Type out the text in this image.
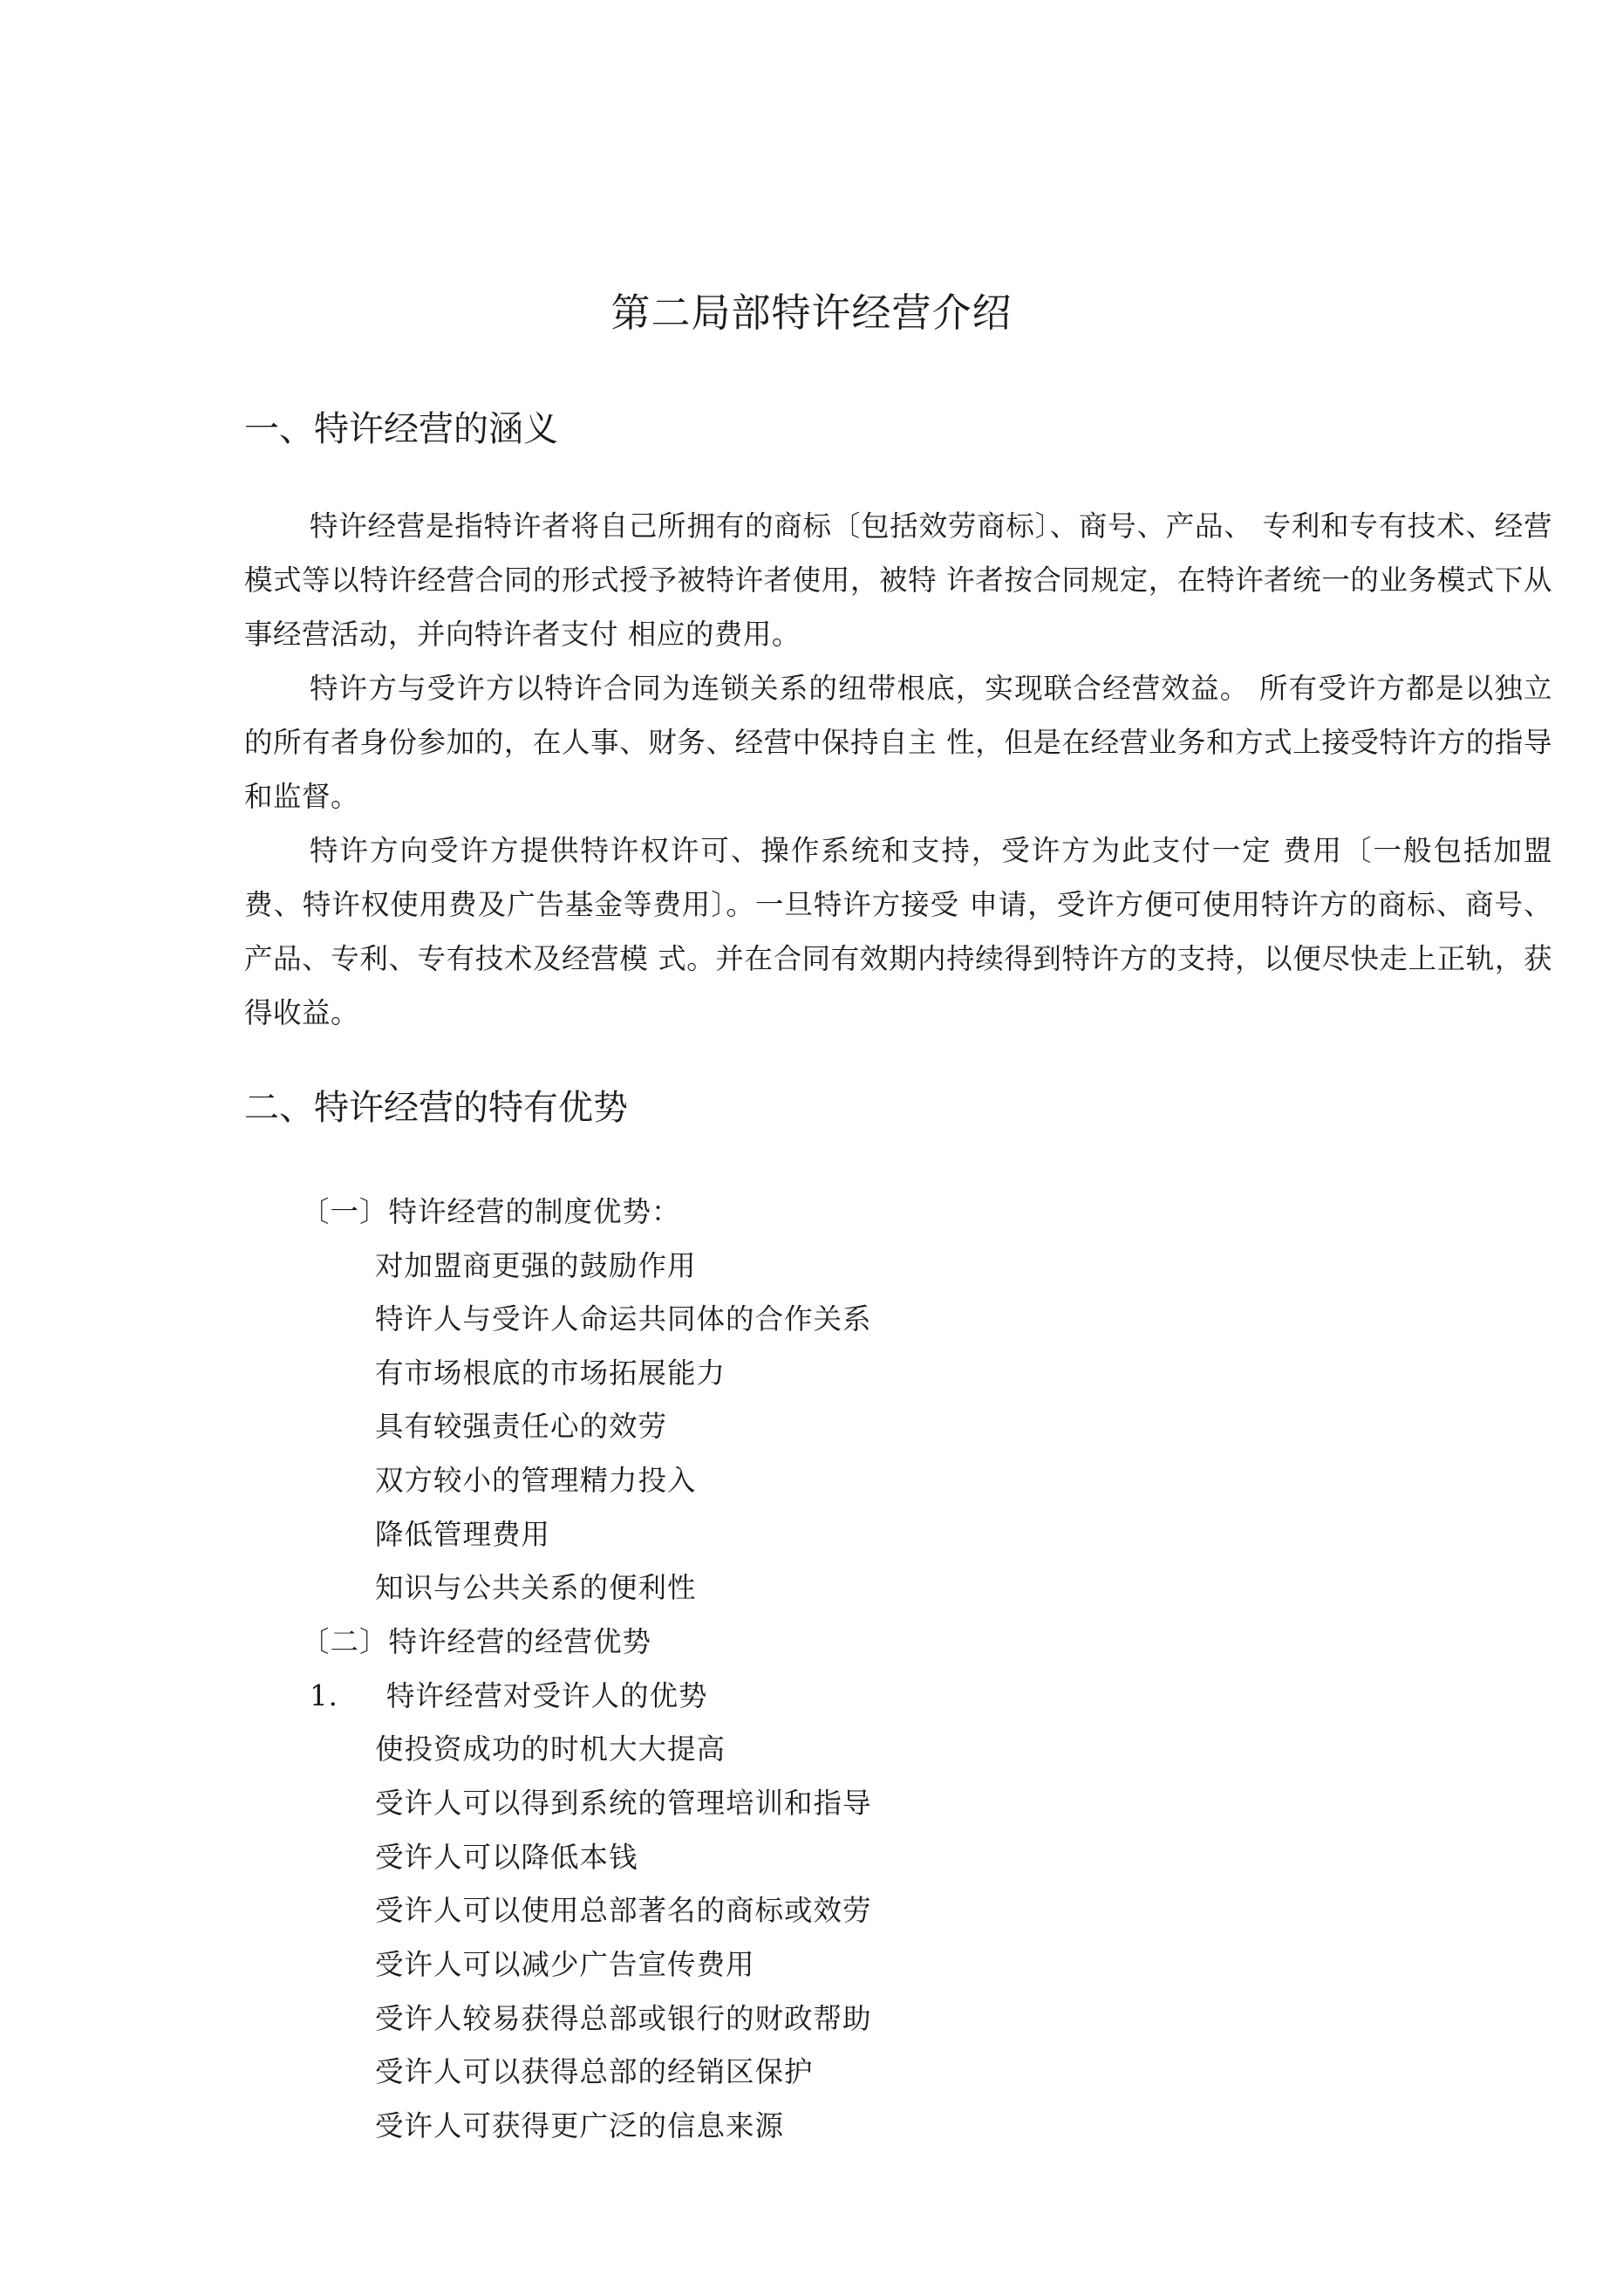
第二局部特许经营介绍
一、特许经营的涵义

特许经营是指特许者将自己所拥有的商标〔包括效劳商标〕、商号、产品、 专利和专有技术、经营模式等以特许经营合同的形式授予被特许者使用，被特 许者按合同规定，在特许者统一的业务模式下从事经营活动，并向特许者支付 相应的费用。

特许方与受许方以特许合同为连锁关系的纽带根底，实现联合经营效益。 所有受许方都是以独立的所有者身份参加的，在人事、财务、经营中保持自主 性，但是在经营业务和方式上接受特许方的指导和监督。

特许方向受许方提供特许权许可、操作系统和支持，受许方为此支付一定 费用〔一般包括加盟费、特许权使用费及广告基金等费用〕。一旦特许方接受 申请，受许方便可使用特许方的商标、商号、产品、专利、专有技术及经营模 式。并在合同有效期内持续得到特许方的支持，以便尽快走上正轨，获得收益。

二、特许经营的特有优势

〔一〕特许经营的制度优势：

对加盟商更强的鼓励作用

特许人与受许人命运共同体的合作关系

有市场根底的市场拓展能力

具有较强责任心的效劳

双方较小的管理精力投入

降低管理费用

知识与公共关系的便利性

〔二〕特许经营的经营优势

1. 特许经营对受许人的优势

使投资成功的时机大大提高

受许人可以得到系统的管理培训和指导

受许人可以降低本钱

受许人可以使用总部著名的商标或效劳

受许人可以减少广告宣传费用

受许人较易获得总部或银行的财政帮助

受许人可以获得总部的经销区保护

受许人可获得更广泛的信息来源
